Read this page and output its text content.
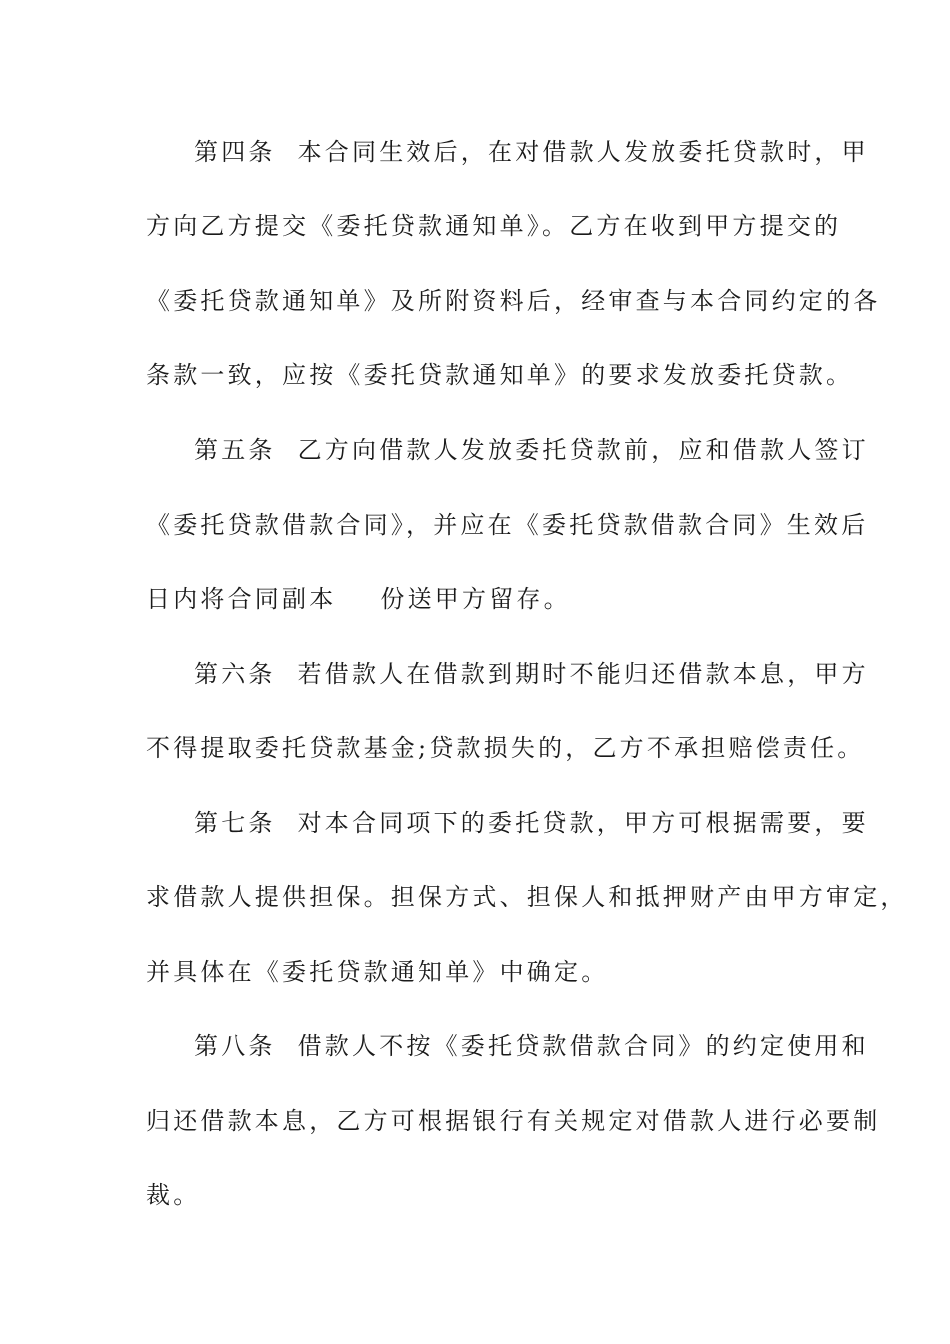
第四条 本合同生效后，在对借款人发放委托贷款时，甲
方向乙方提交《委托贷款通知单》。乙方在收到甲方提交的
《委托贷款通知单》及所附资料后，经审查与本合同约定的各
条款一致，应按《委托贷款通知单》的要求发放委托贷款。
第五条 乙方向借款人发放委托贷款前，应和借款人签订
《委托贷款借款合同》，并应在《委托贷款借款合同》生效后
日内将合同副本 份送甲方留存。
第六条 若借款人在借款到期时不能归还借款本息，甲方
不得提取委托贷款基金;贷款损失的，乙方不承担赔偿责任。
第七条 对本合同项下的委托贷款，甲方可根据需要，要
求借款人提供担保。担保方式、担保人和抵押财产由甲方审定，
并具体在《委托贷款通知单》中确定。
第八条 借款人不按《委托贷款借款合同》的约定使用和
归还借款本息，乙方可根据银行有关规定对借款人进行必要制
裁。
